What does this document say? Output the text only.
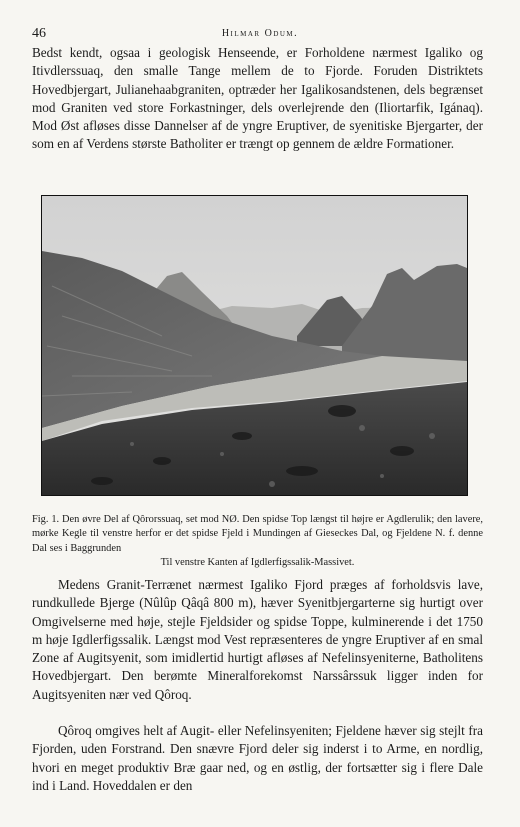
46	Hilmar Odum.

Bedst kendt, ogsaa i geologisk Henseende, er Forholdene nærmest Igaliko og Itivdlerssuaq, den smalle Tange mellem de to Fjorde. Foruden Distriktets Hovedbjergart, Julianehaabgraniten, optræder her Igalikosandstenen, dels begrænset mod Graniten ved store Forkastninger, dels overlejrende den (Iliortarfik, Igánaq). Mod Øst afløses disse Dannelser af de yngre Eruptiver, de syenitiske Bjergarter, der som en af Verdens største Batholiter er trængt op gennem de ældre Formationer.

Fig. 1. Den øvre Del af Qôrorssuaq, set mod NØ. Den spidse Top længst til højre er Agdlerulik; den lavere, mørke Kegle til venstre herfor er det spidse Fjeld i Mundingen af Gieseckes Dal, og Fjeldene N. f. denne Dal ses i Baggrunden
Til venstre Kanten af Igdlerfigssalik-Massivet.

Medens Granit-Terrænet nærmest Igaliko Fjord præges af forholdsvis lave, rundkullede Bjerge (Nûlûp Qâqâ 800 m), hæver Syenitbjergarterne sig hurtigt over Omgivelserne med høje, stejle Fjeldsider og spidse Toppe, kulminerende i det 1750 m høje Igdlerfigssalik. Længst mod Vest repræsenteres de yngre Eruptiver af en smal Zone af Augitsyenit, som imidlertid hurtigt afløses af Nefelinsyeniterne, Batholitens Hovedbjergart. Den berømte Mineralforekomst Narssârssuk ligger inden for Augitsyeniten nær ved Qôroq.

Qôroq omgives helt af Augit- eller Nefelinsyeniten; Fjeldene hæver sig stejlt fra Fjorden, uden Forstrand. Den snævre Fjord deler sig inderst i to Arme, en nordlig, hvori en meget produktiv Bræ gaar ned, og en østlig, der fortsætter sig i flere Dale ind i Land. Hoveddalen er den
